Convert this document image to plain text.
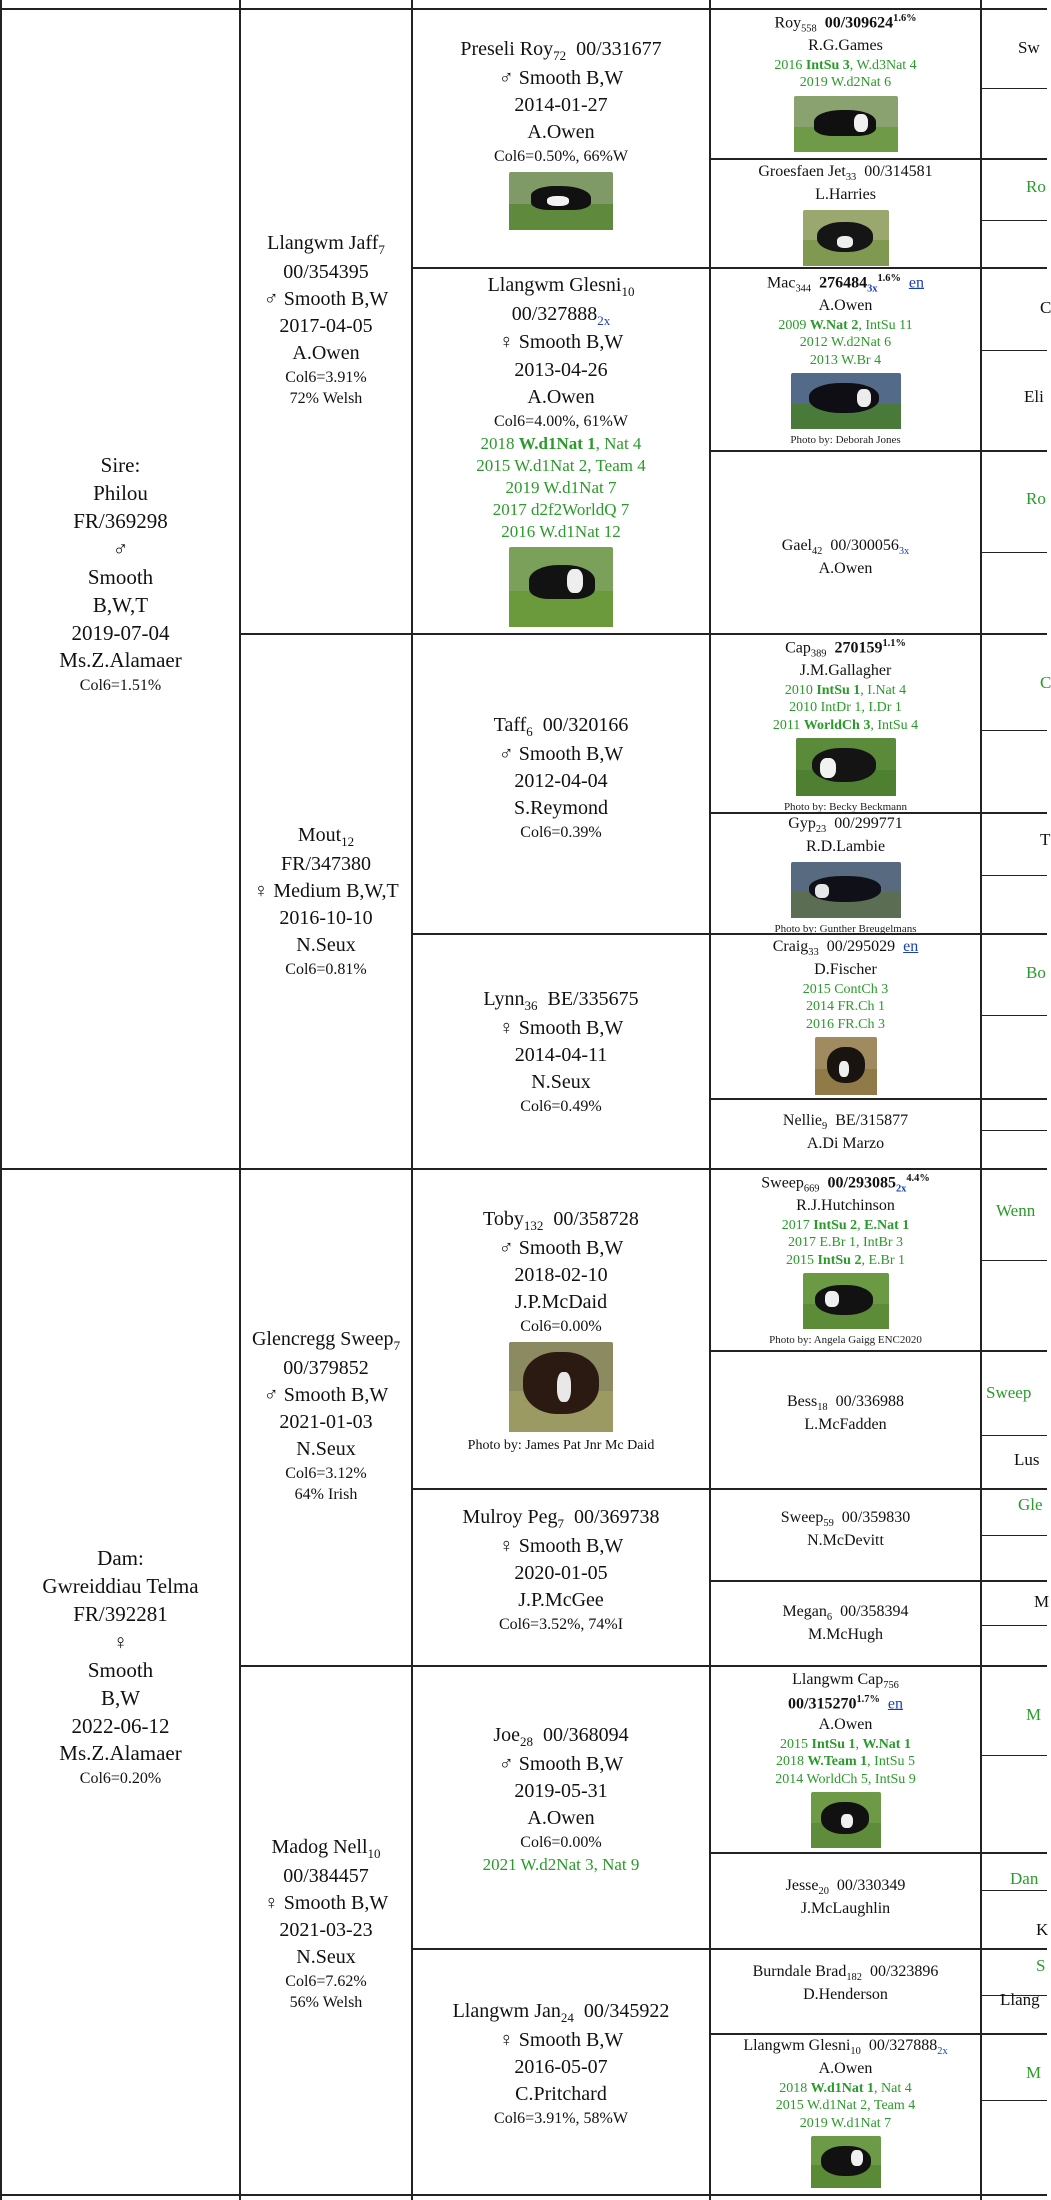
Sire:
Philou
FR/369298
♂
Smooth
B,W,T
2019-07-04
Ms.Z.Alamaer
Col6=1.51%
Dam:
Gwreiddiau Telma
FR/392281
♀
Smooth
B,W
2022-06-12
Ms.Z.Alamaer
Col6=0.20%
Llangwm Jaff$_7$
00/354395
♂ Smooth B,W
2017-04-05
A.Owen
Col6=3.91%
72% Welsh
Mout$_{12}$
FR/347380
♀ Medium B,W,T
2016-10-10
N.Seux
Col6=0.81%
Glencregg Sweep$_7$
00/379852
♂ Smooth B,W
2021-01-03
N.Seux
Col6=3.12%
64% Irish
Madog Nell$_{10}$
00/384457
♀ Smooth B,W
2021-03-23
N.Seux
Col6=7.62%
56% Welsh
Preseli Roy$_{72}$ 00/331677
♂ Smooth B,W
2014-01-27
A.Owen
Col6=0.50%, 66%W
Llangwm Glesni$_{10}$
$00/327888_{2x}$
♀ Smooth B,W
2013-04-26
A.Owen
Col6=4.00%, 61%W
2018 W.d1Nat 1, Nat 4
2015 W.d1Nat 2, Team 4
2019 W.d1Nat 7
2017 d2f2WorldQ 7
2016 W.d1Nat 12
Taff$_6$ 00/320166
♂ Smooth B,W
2012-04-04
S.Reymond
Col6=0.39%
Lynn$_{36}$ BE/335675
♀ Smooth B,W
2014-04-11
N.Seux
Col6=0.49%
Toby$_{132}$ 00/358728
♂ Smooth B,W
2018-02-10
J.P.McDaid
Col6=0.00%
Photo by: James Pat Jnr Mc Daid
Mulroy Peg$_7$ 00/369738
♀ Smooth B,W
2020-01-05
J.P.McGee
Col6=3.52%, 74%I
Joe$_{28}$ 00/368094
♂ Smooth B,W
2019-05-31
A.Owen
Col6=0.00%
2021 W.d2Nat 3, Nat 9
Llangwm Jan$_{24}$ 00/345922
♀ Smooth B,W
2016-05-07
C.Pritchard
Col6=3.91%, 58%W
Roy$_{558}$ $00/309624^{1.6\%}$
R.G.Games
2016 IntSu 3, W.d3Nat 4
2019 W.d2Nat 6
Groesfaen Jet$_{33}$ 00/314581
L.Harries
Mac$_{344}$ $276484_{3x}^{1.6\%}$ en
A.Owen
2009 W.Nat 2, IntSu 11
2012 W.d2Nat 6
2013 W.Br 4
Photo by: Deborah Jones
Gael$_{42}$ $00/300056_{3x}$
A.Owen
Cap$_{389}$ $270159^{1.1\%}$
J.M.Gallagher
2010 IntSu 1, I.Nat 4
2010 IntDr 1, I.Dr 1
2011 WorldCh 3, IntSu 4
Photo by: Becky Beckmann
Gyp$_{23}$ 00/299771
R.D.Lambie
Photo by: Gunther Breugelmans
Craig$_{33}$ 00/295029 en
D.Fischer
2015 ContCh 3
2014 FR.Ch 1
2016 FR.Ch 3
Nellie$_9$ BE/315877
A.Di Marzo
Sweep$_{669}$ $00/293085_{2x}^{4.4\%}$
R.J.Hutchinson
2017 IntSu 2, E.Nat 1
2017 E.Br 1, IntBr 3
2015 IntSu 2, E.Br 1
Photo by: Angela Gaigg ENC2020
Bess$_{18}$ 00/336988
L.McFadden
Sweep$_{59}$ 00/359830
N.McDevitt
Megan$_6$ 00/358394
M.McHugh
Llangwm Cap$_{756}$
$00/315270^{1.7\%}$ en
A.Owen
2015 IntSu 1, W.Nat 1
2018 W.Team 1, IntSu 5
2014 WorldCh 5, IntSu 9
Jesse$_{20}$ 00/330349
J.McLaughlin
Burndale Brad$_{182}$ 00/323896
D.Henderson
Llangwm Glesni$_{10}$ $00/327888_{2x}$
A.Owen
2018 W.d1Nat 1, Nat 4
2015 W.d1Nat 2, Team 4
2019 W.d1Nat 7
Sw
Ro
C
Eli
Ro
C
T
Bo
Wenn
Sweep
Lus
Gle
M
M
Dan
K
S
Llang
M
